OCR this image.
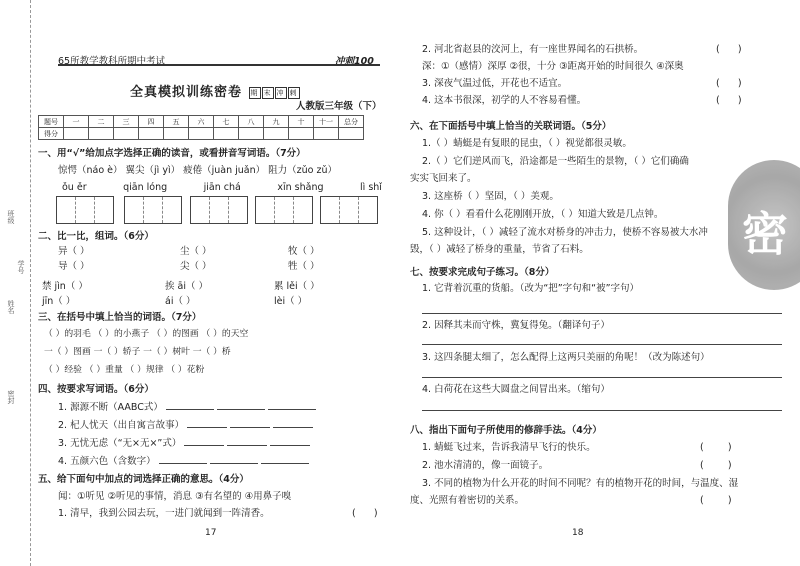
班级
姓名
学号
密封
65所教学教科所期中考试	冲刺100
全真模拟训练密卷 期 末 冲 刺
人教版三年级（下）
题号	一	二	三	四	五	六	七	八	九	十	十一	总分
得分												
一、用“√”给加点字选择正确的读音，或看拼音写词语。（7分）
惊愕（náo è） 翼尖（jì yì） 疲倦（juàn juǎn） 阻力（zǔo zǔ）
ǒu ěr	qiān lóng	jiān chá	xīn shǎng	lì shǐ
二、比一比，组词。（6分）
异（ ）	尘（ ）	牧（ ）
导（ ）	尖（ ）	牲（ ）
禁 jìn（ ）	挨 āi（ ）	累 lěi（ ）
jīn（ ）	ái（ ）	lèi（ ）
三、在括号中填上恰当的词语。（7分）
（ ）的羽毛 （ ）的小燕子 （ ）的图画 （ ）的天空
一（ ）图画 一（ ）轿子 一（ ）树叶 一（ ）桥
（ ）经验 （ ）重量 （ ）规律 （ ）花粉
四、按要求写词语。（6分）
1. 源源不断（AABC式）
2. 杞人忧天（出自寓言故事）
3. 无忧无虑（“无×无×”式）
4. 五颜六色（含数字）
五、给下面句中加点的词选择正确的意思。（4分）
闻：①听见 ②听见的事情，消息 ③有名望的 ④用鼻子嗅
1. 清早，我到公园去玩，一进门就闻到一阵清香。	(      )
17
2. 河北省赵县的洨河上，有一座世界闻名的石拱桥。	(      )
深：①（感情）深厚 ②很，十分 ③距离开始的时间很久 ④深奥
3. 深夜气温过低，开花也不适宜。	(      )
4. 这本书很深，初学的人不容易看懂。	(      )
六、在下面括号中填上恰当的关联词语。（5分）
1.（ ）蜻蜓是有复眼的昆虫，（ ）视觉都很灵敏。
2.（ ）它们逆风而飞，沿途都是一些陌生的景物，（ ）它们确确
实实飞回来了。
3. 这座桥（ ）坚固，（ ）美观。
4. 你（ ）看看什么花刚刚开放，（ ）知道大致是几点钟。
5. 这种设计，（ ）减轻了流水对桥身的冲击力，使桥不容易被大水冲
毁，（ ）减轻了桥身的重量，节省了石料。
七、按要求完成句子练习。（8分）
1. 它背着沉重的货船。（改为“把”字句和“被”字句）
2. 因释其耒而守株，冀复得兔。（翻译句子）
3. 这四条腿太细了，怎么配得上这两只美丽的角呢！（改为陈述句）
4. 白荷花在这些大圆盘之间冒出来。（缩句）
八、指出下面句子所使用的修辞手法。（4分）
1. 蜻蜓飞过来，告诉我清早飞行的快乐。	(        )
2. 池水清清的，像一面镜子。	(        )
3. 不同的植物为什么开花的时间不同呢？有的植物开花的时间，与温度、湿
度、光照有着密切的关系。	(        )
18
密
